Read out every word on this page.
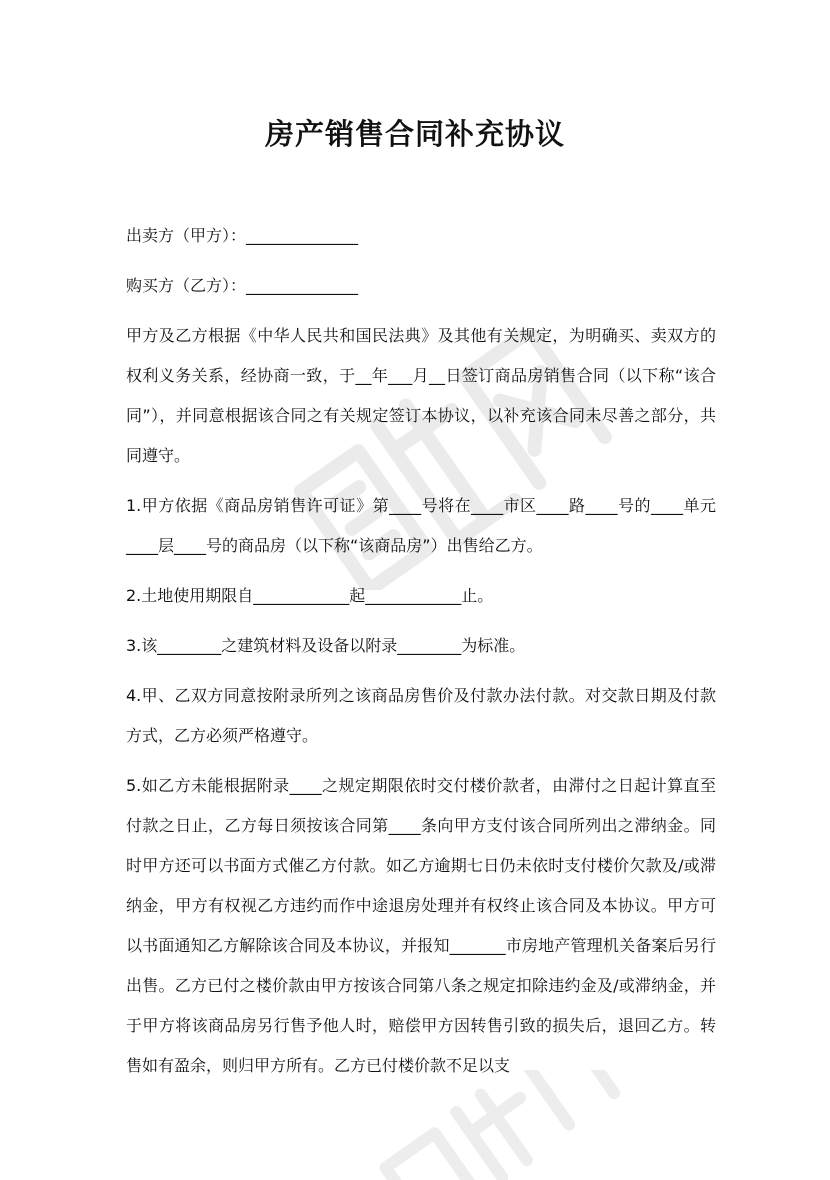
房产销售合同补充协议

出卖方（甲方）：______________

购买方（乙方）：______________

甲方及乙方根据《中华人民共和国民法典》及其他有关规定，为明确买、卖双方的权利义务关系，经协商一致，于__年___月__日签订商品房销售合同（以下称“该合同”），并同意根据该合同之有关规定签订本协议，以补充该合同未尽善之部分，共同遵守。

1.甲方依据《商品房销售许可证》第____号将在____市区____路____号的____单元____层____号的商品房（以下称“该商品房”）出售给乙方。

2.土地使用期限自____________起____________止。

3.该________之建筑材料及设备以附录________为标准。

4.甲、乙双方同意按附录所列之该商品房售价及付款办法付款。对交款日期及付款方式，乙方必须严格遵守。

5.如乙方未能根据附录____之规定期限依时交付楼价款者，由滞付之日起计算直至付款之日止，乙方每日须按该合同第____条向甲方支付该合同所列出之滞纳金。同时甲方还可以书面方式催乙方付款。如乙方逾期七日仍未依时支付楼价欠款及/或滞纳金，甲方有权视乙方违约而作中途退房处理并有权终止该合同及本协议。甲方可以书面通知乙方解除该合同及本协议，并报知_______市房地产管理机关备案后另行出售。乙方已付之楼价款由甲方按该合同第八条之规定扣除违约金及/或滞纳金，并于甲方将该商品房另行售予他人时，赔偿甲方因转售引致的损失后，退回乙方。转售如有盈余，则归甲方所有。乙方已付楼价款不足以支
